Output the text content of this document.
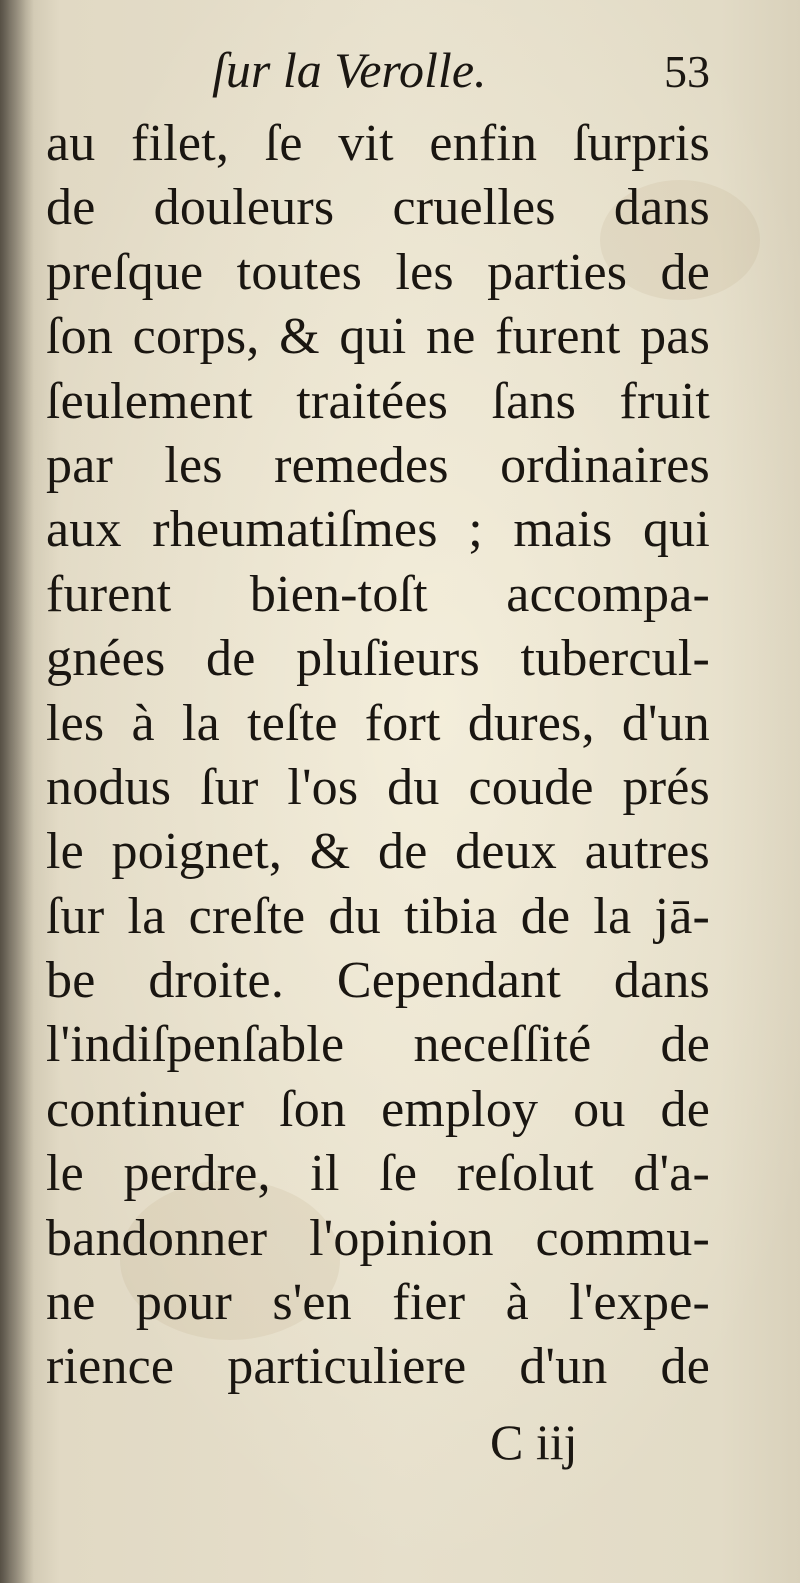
ſur la Verolle.	53
au filet, ſe vit enfin ſurpris
de douleurs cruelles dans
preſque toutes les parties de
ſon corps, & qui ne furent pas
ſeulement traitées ſans fruit
par les remedes ordinaires
aux rheumatiſmes ; mais qui
furent bien-toſt accompa-
gnées de pluſieurs tubercul-
les à la teſte fort dures, d'un
nodus ſur l'os du coude prés
le poignet, & de deux autres
ſur la creſte du tibia de la jā-
be droite. Cependant dans
l'indiſpenſable neceſſité de
continuer ſon employ ou de
le perdre, il ſe reſolut d'a-
bandonner l'opinion commu-
ne pour s'en fier à l'expe-
rience particuliere d'un de
C iij
